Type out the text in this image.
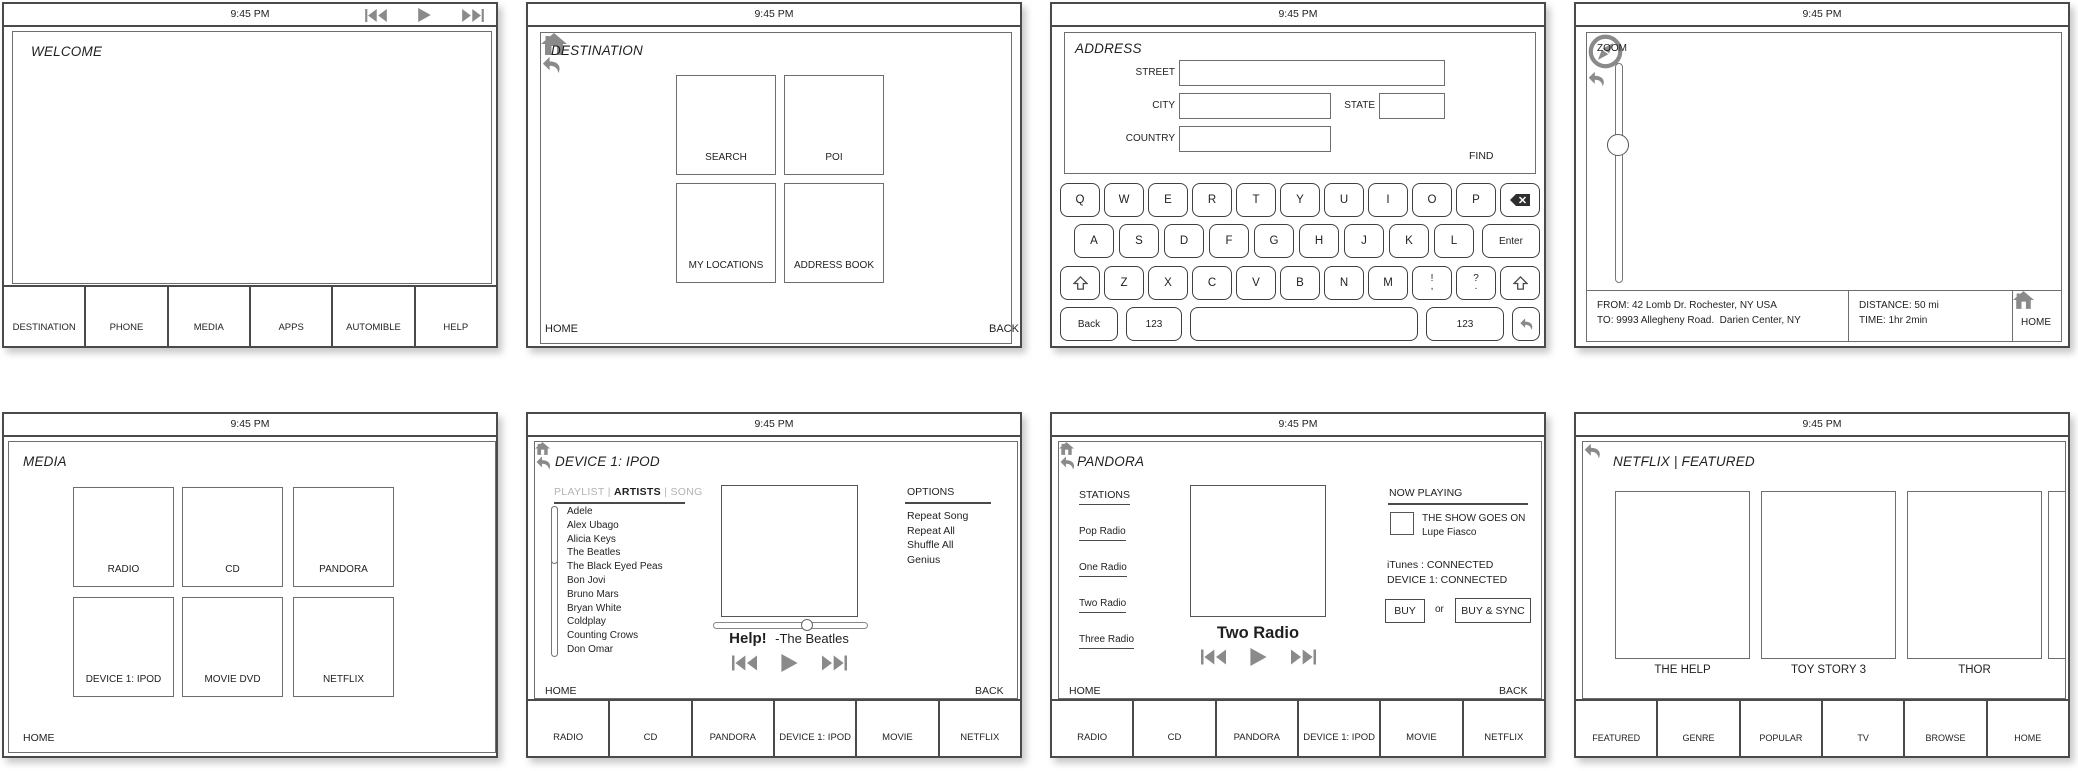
9:45 PM
WELCOME
DESTINATION	PHONE	MEDIA	APPS	AUTOMIBLE	HELP
9:45 PM
DESTINATION
SEARCH	POI
MY LOCATIONS	ADDRESS BOOK
HOME	BACK
9:45 PM
ADDRESS
STREET
CITY	STATE
COUNTRY
FIND
Q	W	E	R	T	Y	U	I	O	P
A	S	D	F	G	H	J	K	L	Enter
Z	X	C	V	B	N	M	!
,
?
.
Back	123	123
9:45 PM
ZOOM
FROM: 42 Lomb Dr. Rochester, NY USA
TO: 9993 Allegheny Road.  Darien Center, NY
DISTANCE: 50 mi
TIME: 1hr 2min	HOME
9:45 PM
MEDIA
RADIO	CD	PANDORA
DEVICE 1: IPOD	MOVIE DVD	NETFLIX
HOME
9:45 PM
DEVICE 1: IPOD
PLAYLIST | ARTISTS | SONG
Adele
Alex Ubago
Alicia Keys
The Beatles
The Black Eyed Peas
Bon Jovi
Bruno Mars
Bryan White
Coldplay
Counting Crows
Don Omar
Help! -The Beatles
OPTIONS
Repeat Song
Repeat All
Shuffle All
Genius
HOME	BACK
RADIO	CD	PANDORA	DEVICE 1: IPOD	MOVIE	NETFLIX
9:45 PM
PANDORA
STATIONS
Pop Radio
One Radio
Two Radio
Three Radio	Two Radio
NOW PLAYING
THE SHOW GOES ON
Lupe Fiasco
iTunes : CONNECTED
DEVICE 1: CONNECTED
BUY	or	BUY & SYNC
HOME	BACK
RADIO	CD	PANDORA	DEVICE 1: IPOD	MOVIE	NETFLIX
9:45 PM
NETFLIX | FEATURED
THE HELP	TOY STORY 3	THOR
FEATURED	GENRE	POPULAR	TV	BROWSE	HOME
